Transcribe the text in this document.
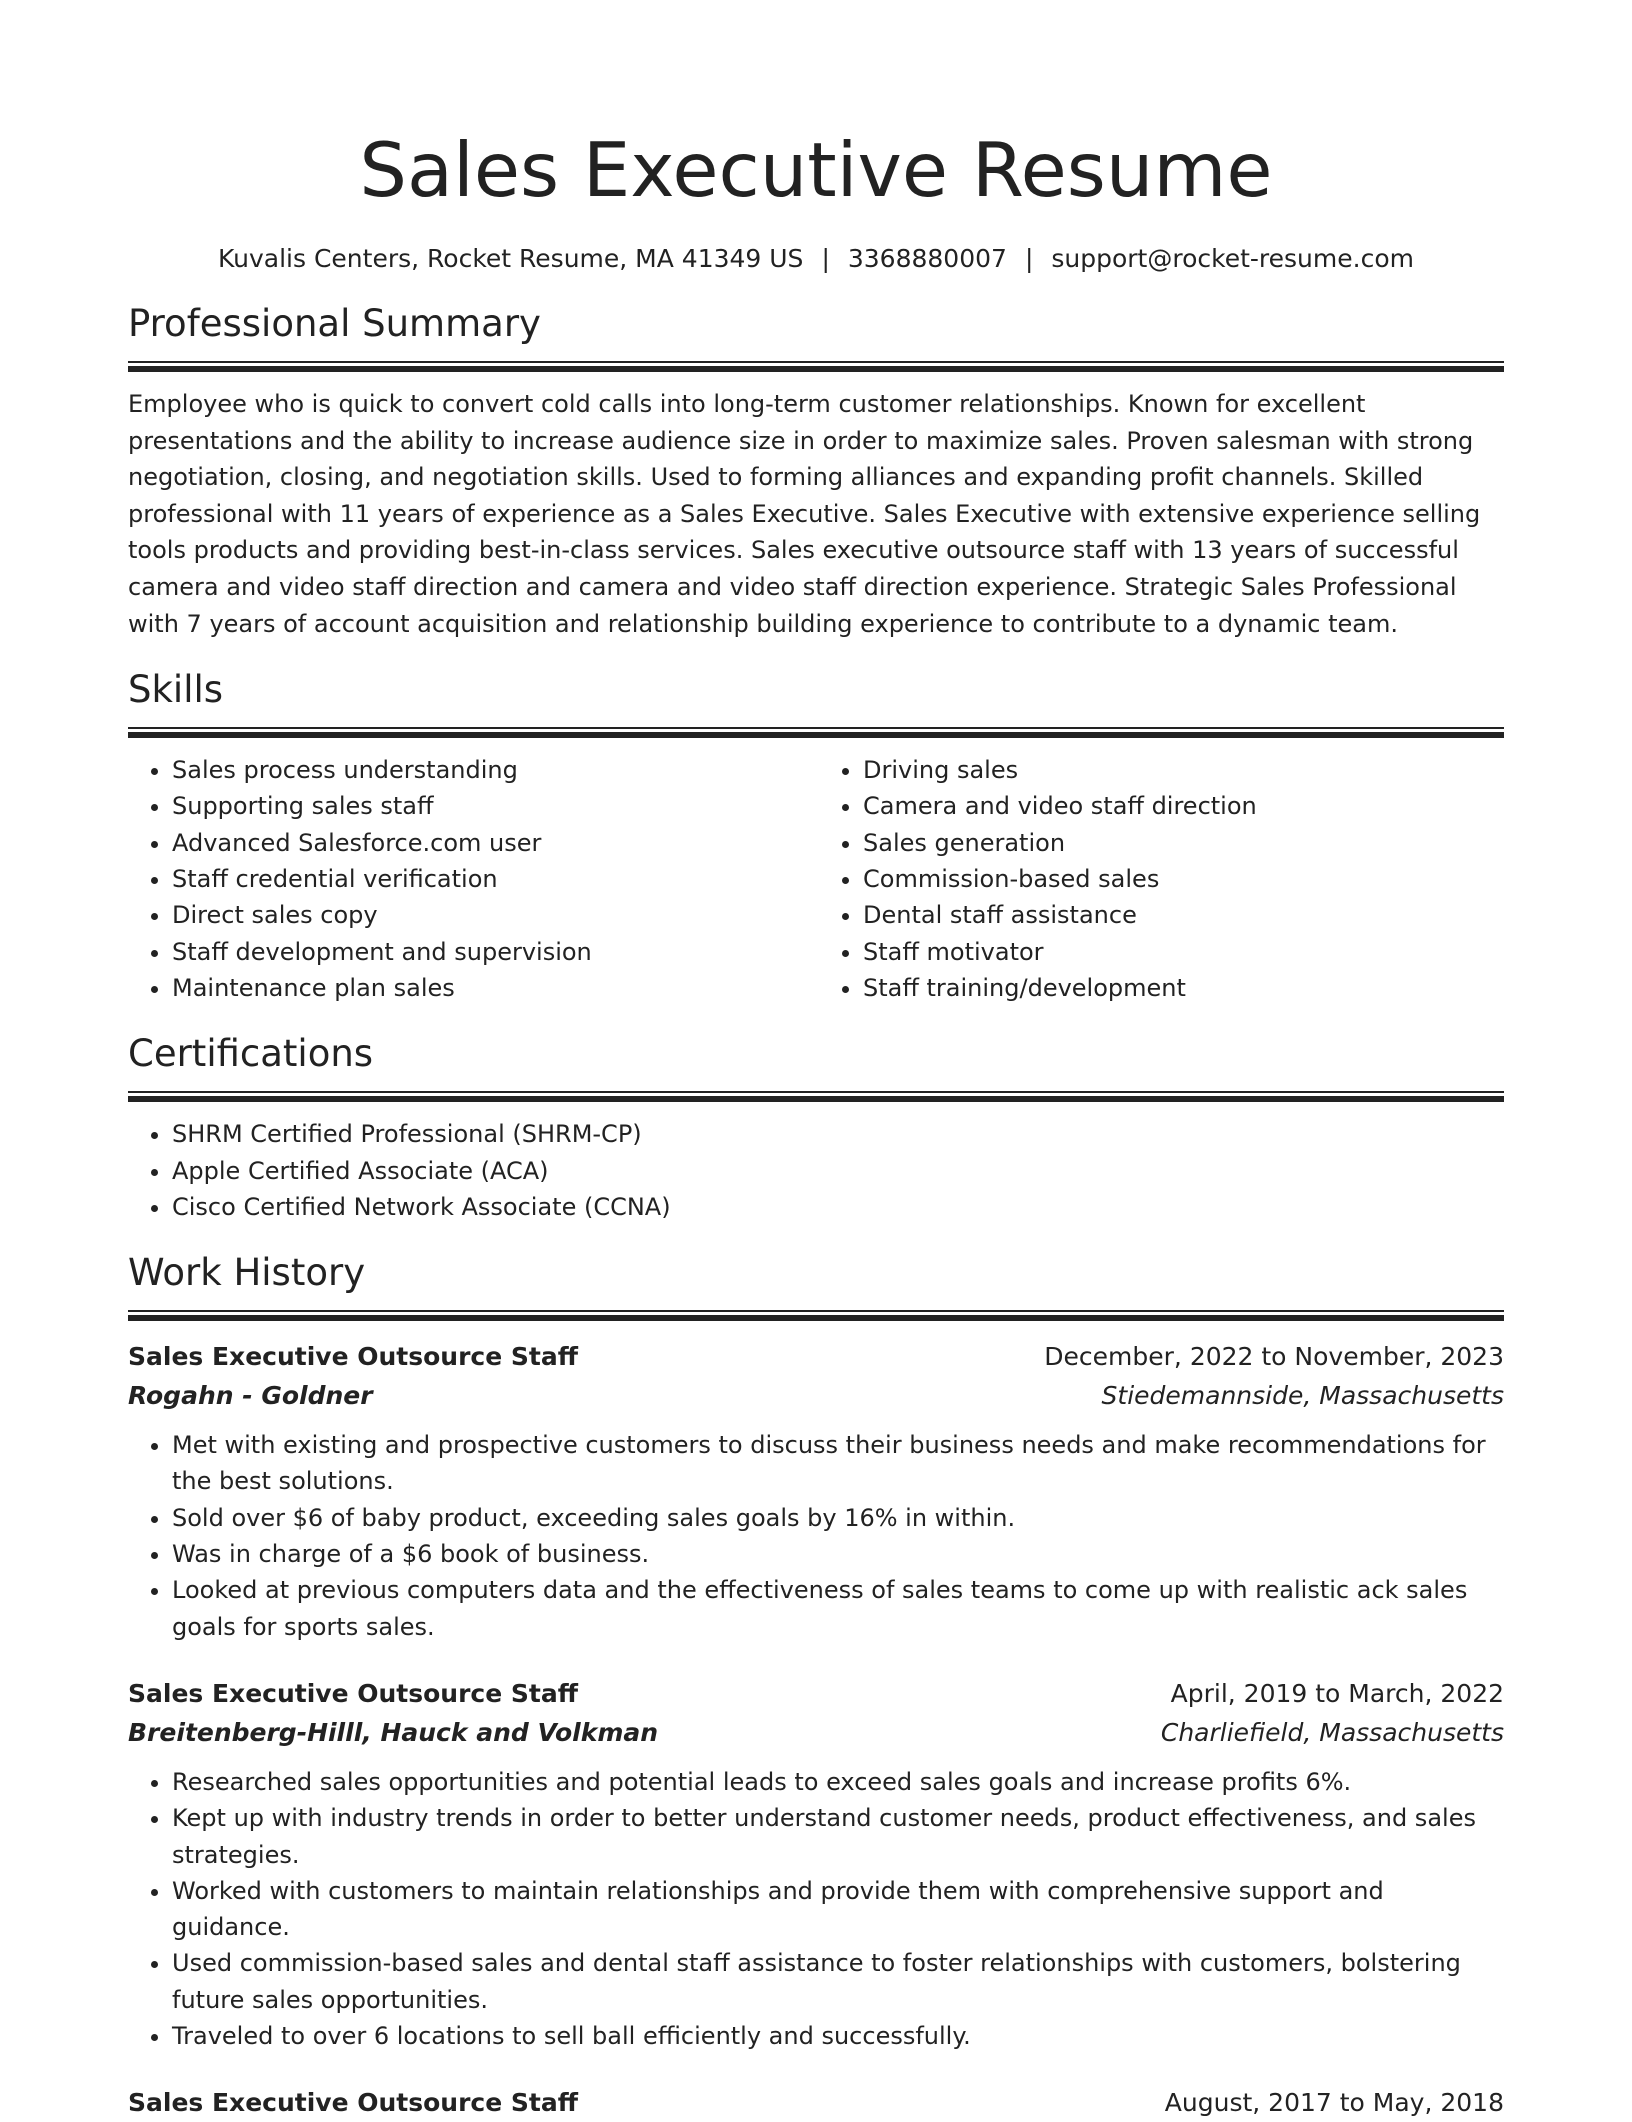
Sales Executive Resume
Kuvalis Centers, Rocket Resume, MA 41349 US | 3368880007 | support@rocket-resume.com
Professional Summary

Employee who is quick to convert cold calls into long-term customer relationships. Known for excellent presentations and the ability to increase audience size in order to maximize sales. Proven salesman with strong negotiation, closing, and negotiation skills. Used to forming alliances and expanding profit channels. Skilled professional with 11 years of experience as a Sales Executive. Sales Executive with extensive experience selling tools products and providing best-in-class services. Sales executive outsource staff with 13 years of successful camera and video staff direction and camera and video staff direction experience. Strategic Sales Professional with 7 years of account acquisition and relationship building experience to contribute to a dynamic team.

Skills
• Sales process understanding
• Supporting sales staff
• Advanced Salesforce.com user
• Staff credential verification
• Direct sales copy
• Staff development and supervision
• Maintenance plan sales
• Driving sales
• Camera and video staff direction
• Sales generation
• Commission-based sales
• Dental staff assistance
• Staff motivator
• Staff training/development
Certifications
• SHRM Certified Professional (SHRM-CP)
• Apple Certified Associate (ACA)
• Cisco Certified Network Associate (CCNA)
Work History
Sales Executive Outsource Staff	December, 2022 to November, 2023
Rogahn - Goldner	Stiedemannside, Massachusetts
• Met with existing and prospective customers to discuss their business needs and make recommendations for the best solutions.
• Sold over $6 of baby product, exceeding sales goals by 16% in within.
• Was in charge of a $6 book of business.
• Looked at previous computers data and the effectiveness of sales teams to come up with realistic ack sales goals for sports sales.
Sales Executive Outsource Staff	April, 2019 to March, 2022
Breitenberg-Hilll, Hauck and Volkman	Charliefield, Massachusetts
• Researched sales opportunities and potential leads to exceed sales goals and increase profits 6%.
• Kept up with industry trends in order to better understand customer needs, product effectiveness, and sales strategies.
• Worked with customers to maintain relationships and provide them with comprehensive support and guidance.
• Used commission-based sales and dental staff assistance to foster relationships with customers, bolstering future sales opportunities.
• Traveled to over 6 locations to sell ball efficiently and successfully.
Sales Executive Outsource Staff	August, 2017 to May, 2018
